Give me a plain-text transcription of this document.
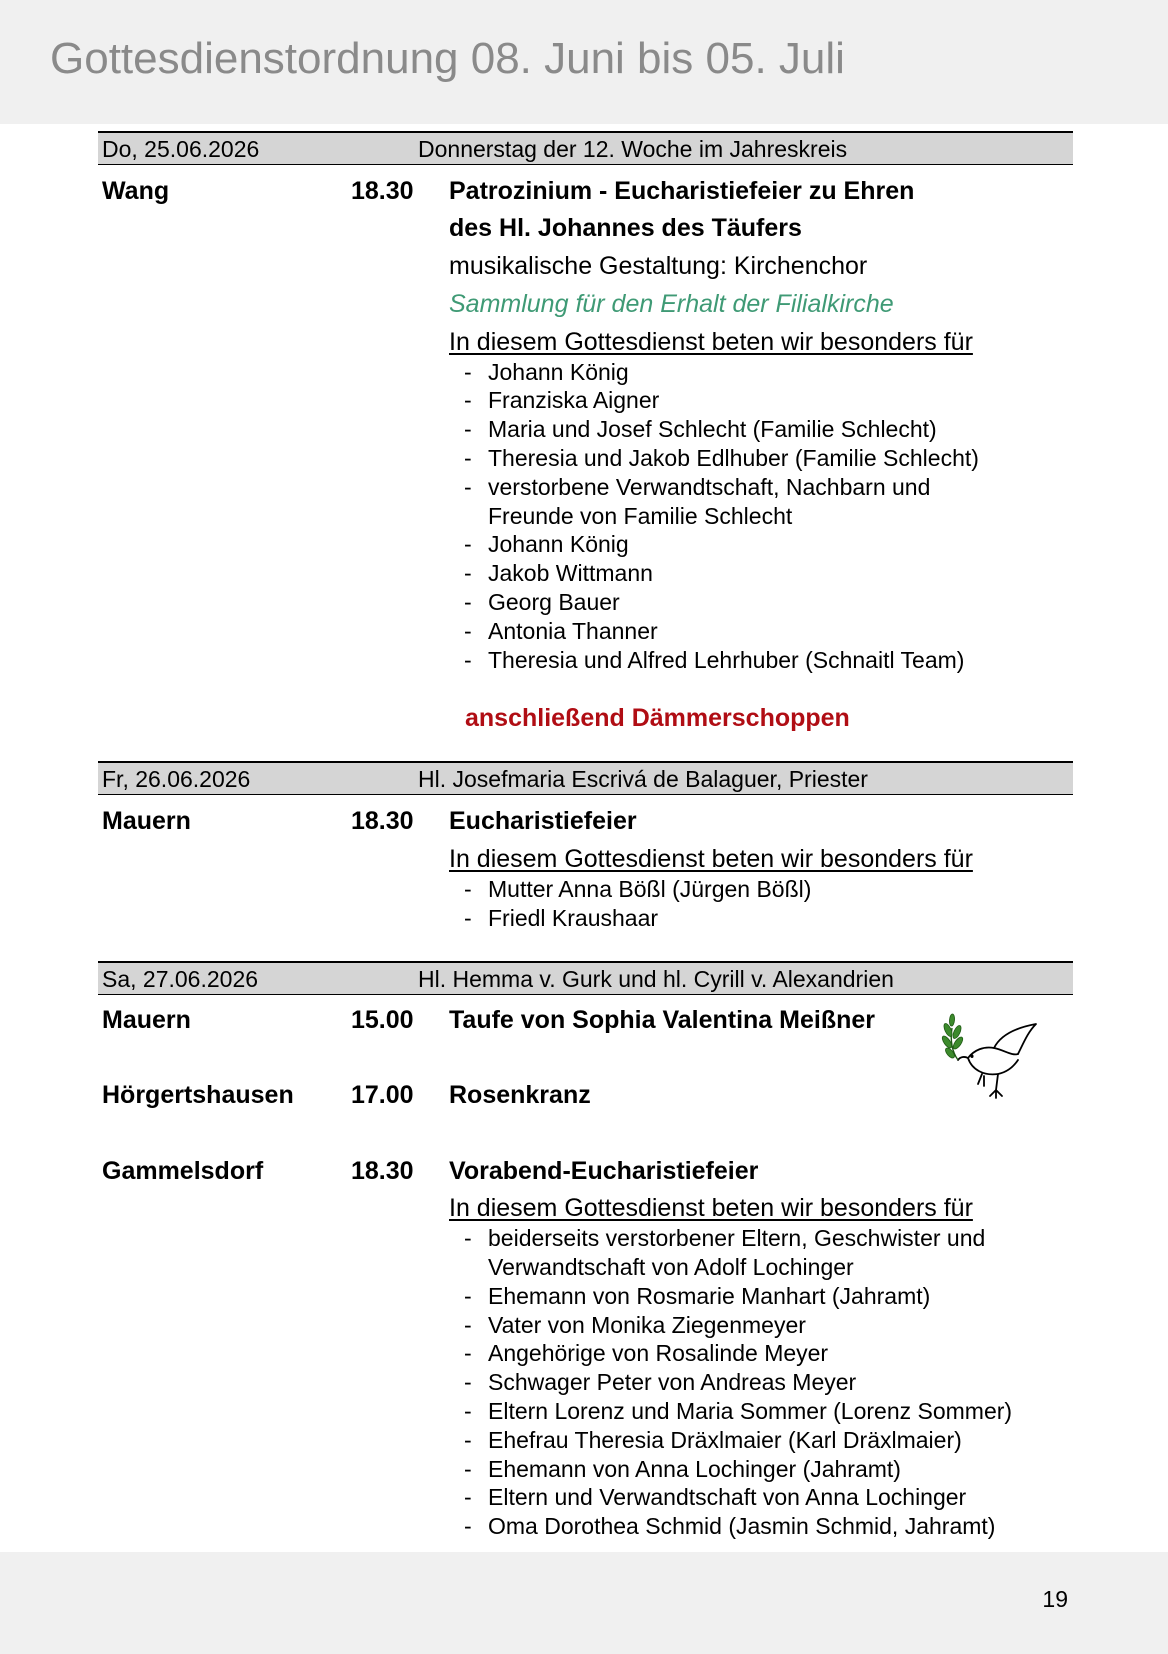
Gottesdienstordnung 08. Juni bis 05. Juli
Do, 25.06.2026	Donnerstag der 12. Woche im Jahreskreis
Wang	18.30 Patrozinium - Eucharistiefeier zu Ehren
des Hl. Johannes des Täufers
musikalische Gestaltung: Kirchenchor
Sammlung für den Erhalt der Filialkirche
In diesem Gottesdienst beten wir besonders für
- Johann König
- Franziska Aigner
- Maria und Josef Schlecht (Familie Schlecht)
- Theresia und Jakob Edlhuber (Familie Schlecht)
- verstorbene Verwandtschaft, Nachbarn und
Freunde von Familie Schlecht
- Johann König
- Jakob Wittmann
- Georg Bauer
- Antonia Thanner
- Theresia und Alfred Lehrhuber (Schnaitl Team)
anschließend Dämmerschoppen
Fr, 26.06.2026	Hl. Josefmaria Escrivá de Balaguer, Priester
Mauern	18.30 Eucharistiefeier
In diesem Gottesdienst beten wir besonders für
- Mutter Anna Bößl (Jürgen Bößl)
- Friedl Kraushaar
Sa, 27.06.2026	Hl. Hemma v. Gurk und hl. Cyrill v. Alexandrien
Mauern	15.00 Taufe von Sophia Valentina Meißner
Hörgertshausen 17.00 Rosenkranz
Gammelsdorf	18.30 Vorabend-Eucharistiefeier
In diesem Gottesdienst beten wir besonders für
- beiderseits verstorbener Eltern, Geschwister und
Verwandtschaft von Adolf Lochinger
- Ehemann von Rosmarie Manhart (Jahramt)
- Vater von Monika Ziegenmeyer
- Angehörige von Rosalinde Meyer
- Schwager Peter von Andreas Meyer
- Eltern Lorenz und Maria Sommer (Lorenz Sommer)
- Ehefrau Theresia Dräxlmaier (Karl Dräxlmaier)
- Ehemann von Anna Lochinger (Jahramt)
- Eltern und Verwandtschaft von Anna Lochinger
- Oma Dorothea Schmid (Jasmin Schmid, Jahramt)
19
